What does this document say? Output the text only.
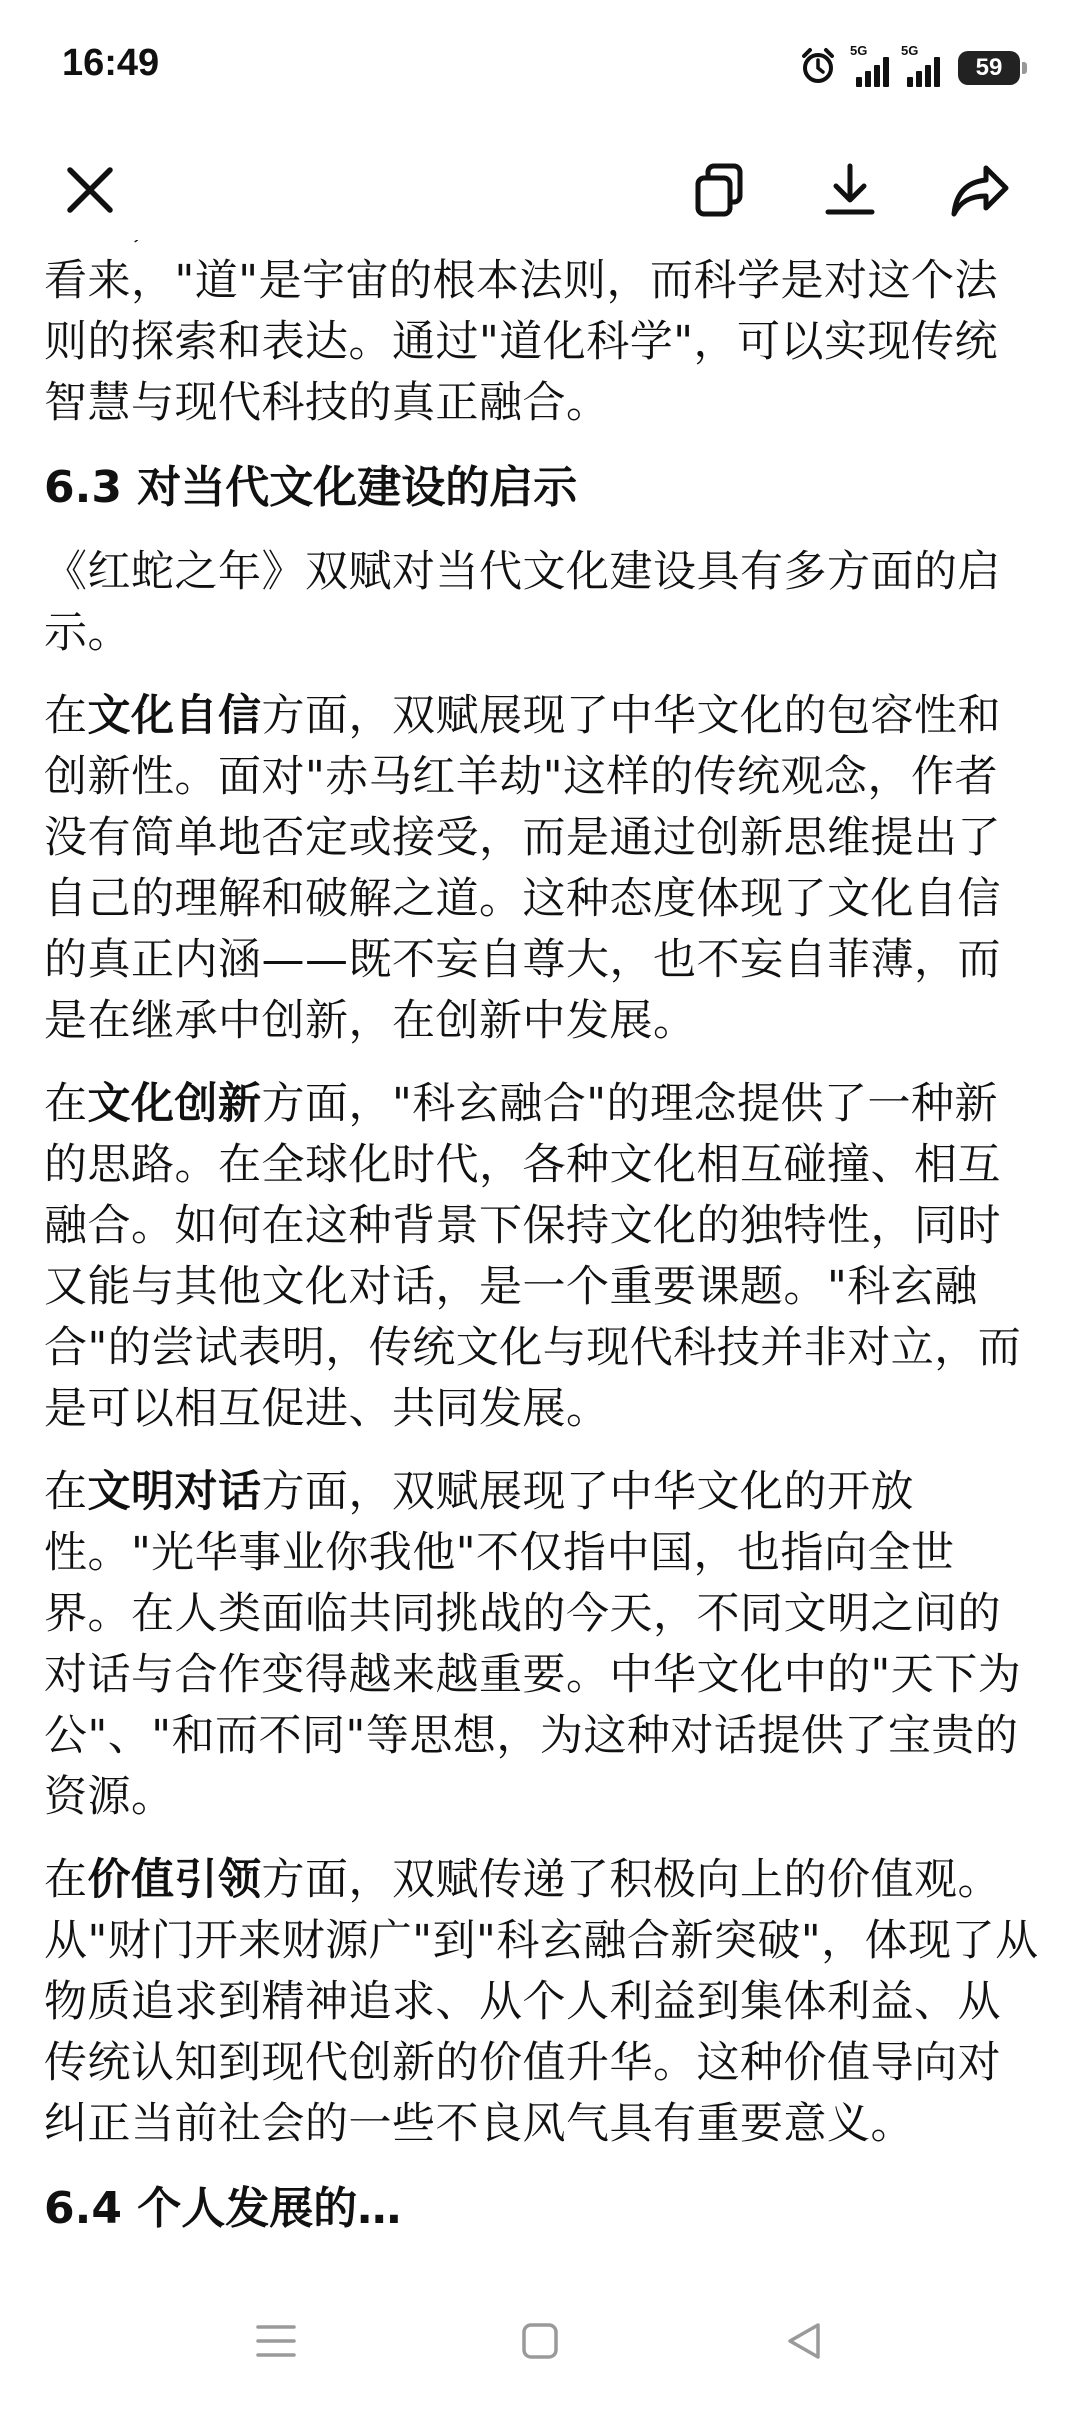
16:49	5G	5G
59

看来，"道"是宇宙的根本法则，而科学是对这个法则的探索和表达。通过"道化科学"，可以实现传统智慧与现代科技的真正融合。

6.3 对当代文化建设的启示

《红蛇之年》双赋对当代文化建设具有多方面的启示。

在文化自信方面，双赋展现了中华文化的包容性和创新性。面对"赤马红羊劫"这样的传统观念，作者没有简单地否定或接受，而是通过创新思维提出了自己的理解和破解之道。这种态度体现了文化自信的真正内涵——既不妄自尊大，也不妄自菲薄，而是在继承中创新，在创新中发展。

在文化创新方面，"科玄融合"的理念提供了一种新的思路。在全球化时代，各种文化相互碰撞、相互融合。如何在这种背景下保持文化的独特性，同时又能与其他文化对话，是一个重要课题。"科玄融合"的尝试表明，传统文化与现代科技并非对立，而是可以相互促进、共同发展。

在文明对话方面，双赋展现了中华文化的开放性。"光华事业你我他"不仅指中国，也指向全世界。在人类面临共同挑战的今天，不同文明之间的对话与合作变得越来越重要。中华文化中的"天下为公"、"和而不同"等思想，为这种对话提供了宝贵的资源。

在价值引领方面，双赋传递了积极向上的价值观。从"财门开来财源广"到"科玄融合新突破"，体现了从物质追求到精神追求、从个人利益到集体利益、从传统认知到现代创新的价值升华。这种价值导向对纠正当前社会的一些不良风气具有重要意义。

6.4 个人发展的…
